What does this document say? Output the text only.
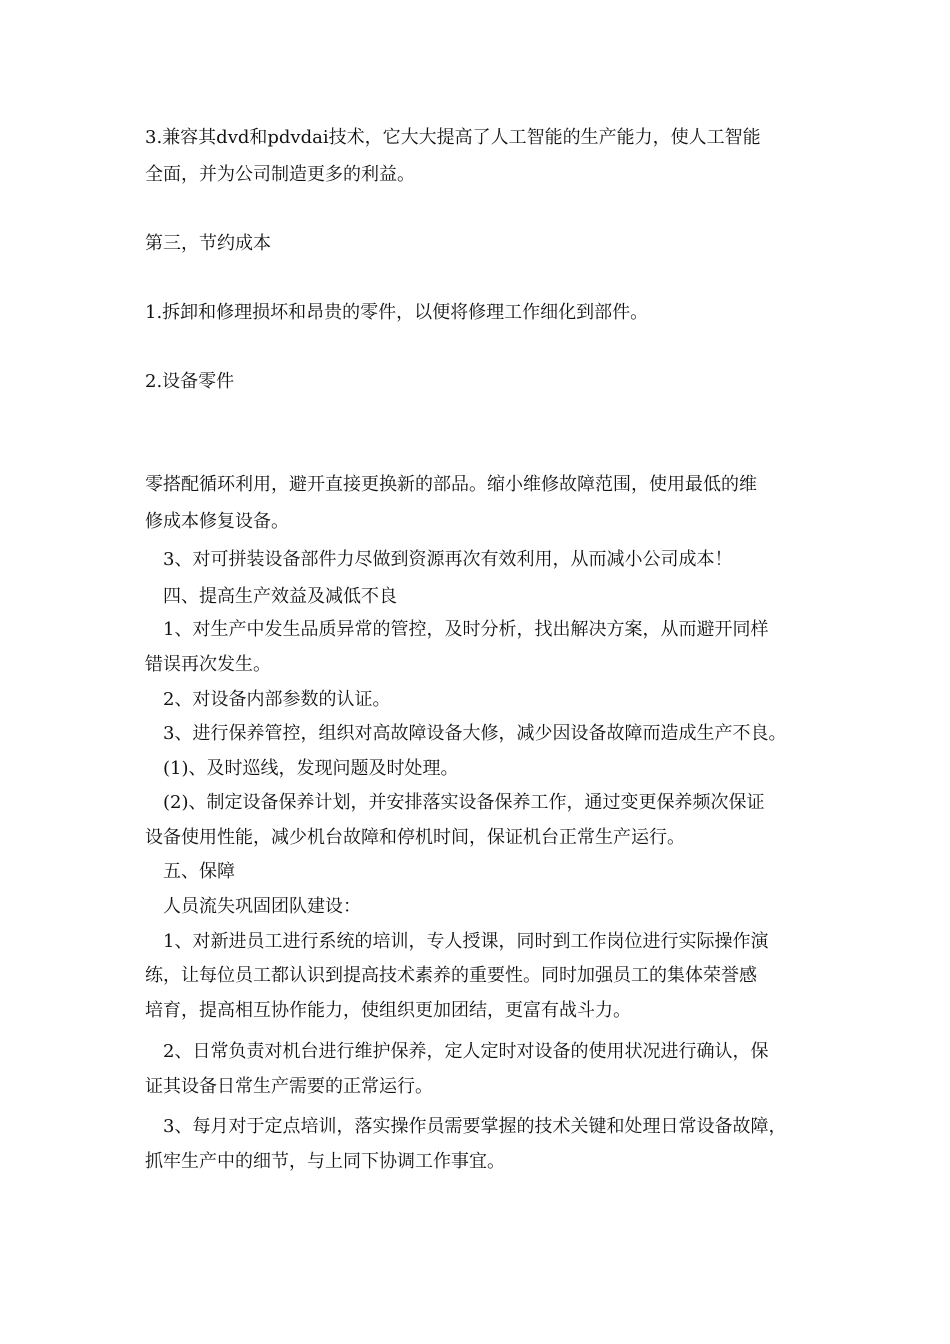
3.兼容其dvd和pdvdai技术，它大大提高了人工智能的生产能力，使人工智能
全面，并为公司制造更多的利益。
第三，节约成本
1.拆卸和修理损坏和昂贵的零件，以便将修理工作细化到部件。
2.设备零件
零搭配循环利用，避开直接更换新的部品。缩小维修故障范围，使用最低的维
修成本修复设备。
　3、对可拼装设备部件力尽做到资源再次有效利用，从而减小公司成本！
　四、提高生产效益及减低不良
　1、对生产中发生品质异常的管控，及时分析，找出解决方案，从而避开同样
错误再次发生。
　2、对设备内部参数的认证。
　3、进行保养管控，组织对高故障设备大修，减少因设备故障而造成生产不良。
　(1)、及时巡线，发现问题及时处理。
　(2)、制定设备保养计划，并安排落实设备保养工作，通过变更保养频次保证
设备使用性能，减少机台故障和停机时间，保证机台正常生产运行。
　五、保障
　人员流失巩固团队建设：
　1、对新进员工进行系统的培训，专人授课，同时到工作岗位进行实际操作演
练，让每位员工都认识到提高技术素养的重要性。同时加强员工的集体荣誉感
培育，提高相互协作能力，使组织更加团结，更富有战斗力。
　2、日常负责对机台进行维护保养，定人定时对设备的使用状况进行确认，保
证其设备日常生产需要的正常运行。
　3、每月对于定点培训，落实操作员需要掌握的技术关键和处理日常设备故障，
抓牢生产中的细节，与上同下协调工作事宜。
